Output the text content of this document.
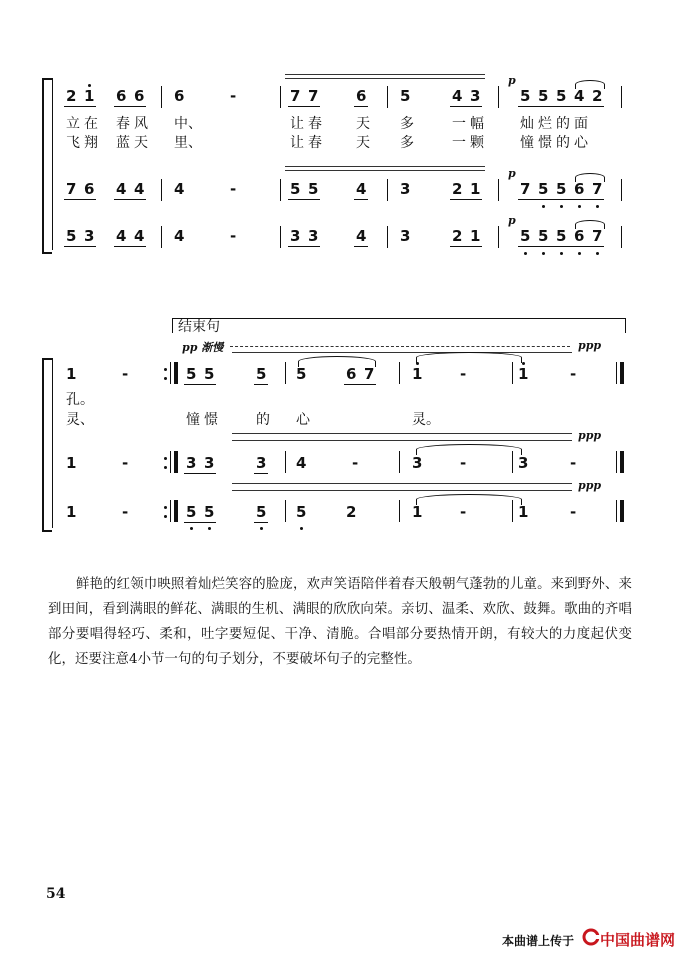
2 1 6 6 6	-	7 7	6 5	4 3
p
5 5 5 4 2
立 在 春 风 中、	让 春 天 多	一 幅	灿 烂 的 面
飞 翔 蓝 天 里、	让 春 天 多	一 颗	憧 憬 的 心
7 6 4 4 4	-	5 5	4 3	2 1
p
7 5 5 6 7
5 3 4 4 4	-	3 3	4 3	2 1
p
5 5 5 6 7
结束句
pp 渐慢	ppp
1	-	5 5	5 5	6 7	1	-	1	-
孔。
灵、	憧 憬	的 心	灵。
ppp
1	-	3 3	3 4	-	3	-	3	-
ppp
1	-	5 5	5 5	2	1	-	1	-
鲜艳的红领巾映照着灿烂笑容的脸庞，欢声笑语陪伴着春天般朝气蓬勃的儿童。来到野外、来到田间，看到满眼的鲜花、满眼的生机、满眼的欣欣向荣。亲切、温柔、欢欣、鼓舞。歌曲的齐唱部分要唱得轻巧、柔和，吐字要短促、干净、清脆。合唱部分要热情开朗，有较大的力度起伏变化，还要注意4小节一句的句子划分，不要破坏句子的完整性。
54
本曲谱上传于 中国曲谱网
